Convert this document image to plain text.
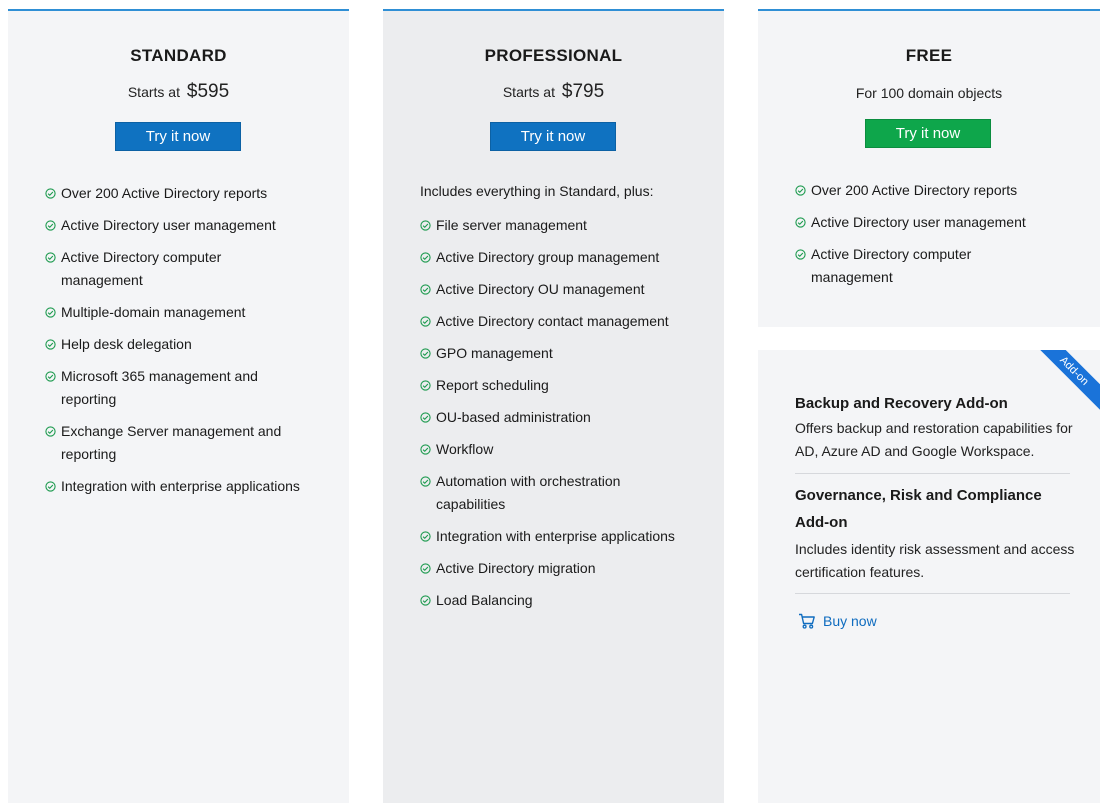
STANDARD
Starts at $595
Try it now
Over 200 Active Directory reports
Active Directory user management
Active Directory computer management
Multiple-domain management
Help desk delegation
Microsoft 365 management and reporting
Exchange Server management and reporting
Integration with enterprise applications
PROFESSIONAL
Starts at $795
Try it now
Includes everything in Standard, plus:
File server management
Active Directory group management
Active Directory OU management
Active Directory contact management
GPO management
Report scheduling
OU-based administration
Workflow
Automation with orchestration capabilities
Integration with enterprise applications
Active Directory migration
Load Balancing
FREE
For 100 domain objects
Try it now
Over 200 Active Directory reports
Active Directory user management
Active Directory computer management
Add-on
Backup and Recovery Add-on
Offers backup and restoration capabilities for AD, Azure AD and Google Workspace.
Governance, Risk and Compliance Add-on
Includes identity risk assessment and access certification features.
Buy now
